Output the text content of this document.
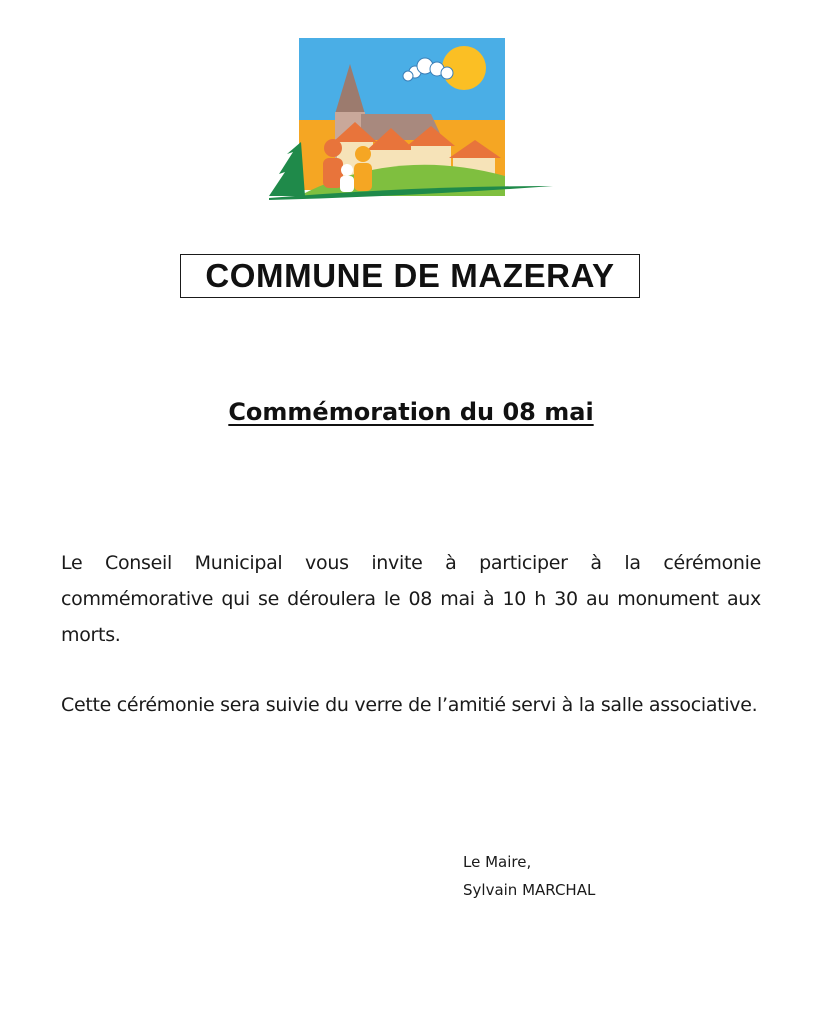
COMMUNE DE MAZERAY
Commémoration du 08 mai
Le Conseil Municipal vous invite à participer à la cérémonie commémorative qui se déroulera le 08 mai à 10 h 30 au monument aux morts.
Cette cérémonie sera suivie du verre de l’amitié servi à la salle associative.
Le Maire,
Sylvain MARCHAL
